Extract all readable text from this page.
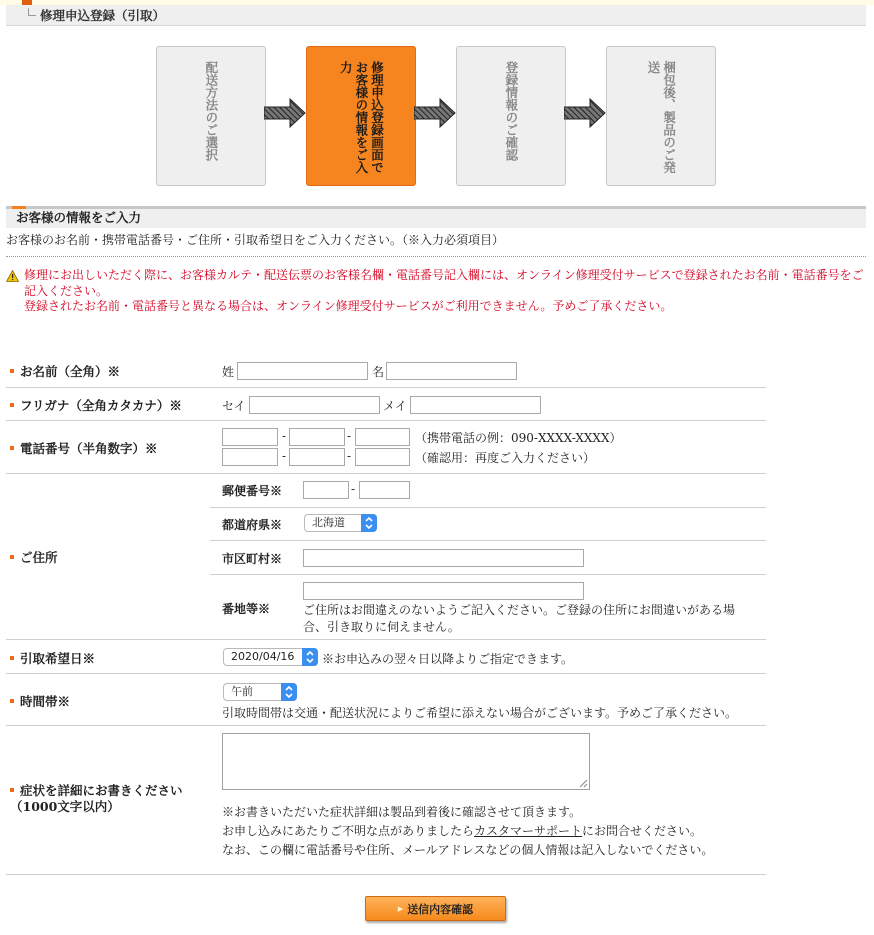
修理申込登録（引取）
配送方法のご選択	修理申込登録画面で
お客様の情報をご入力	登録情報のご確認	梱包後、製品のご発送
お客様の情報をご入力
お客様のお名前・携帯電話番号・ご住所・引取希望日をご入力ください。（※入力必須項目）

修理にお出しいただく際に、お客様カルテ・配送伝票のお客様名欄・電話番号記入欄には、オンライン修理受付サービスで登録されたお名前・電話番号をご

記入ください。

登録されたお名前・電話番号と異なる場合は、オンライン修理受付サービスがご利用できません。予めご了承ください。

お名前（全角）※	姓	名
フリガナ（全角カタカナ）※	セイ	メイ
電話番号（半角数字）※
-	-	（携帯電話の例：090-XXXX-XXXX）
-	-	（確認用：再度ご入力ください）
ご住所
郵便番号※	-
都道府県※	北海道
市区町村※
番地等※	ご住所はお間違えのないようご記入ください。ご登録の住所にお間違いがある場
合、引き取りに伺えません。
引取希望日※	2020/04/16	※お申込みの翌々日以降よりご指定できます。
時間帯※
午前
引取時間帯は交通・配送状況によりご希望に添えない場合がございます。予めご了承ください。
症状を詳細にお書きください
（1000文字以内）	※お書きいただいた症状詳細は製品到着後に確認させて頂きます。
お申し込みにあたりご不明な点がありましたらカスタマーサポートにお問合せください。
なお、この欄に電話番号や住所、メールアドレスなどの個人情報は記入しないでください。
▶ 送信内容確認
